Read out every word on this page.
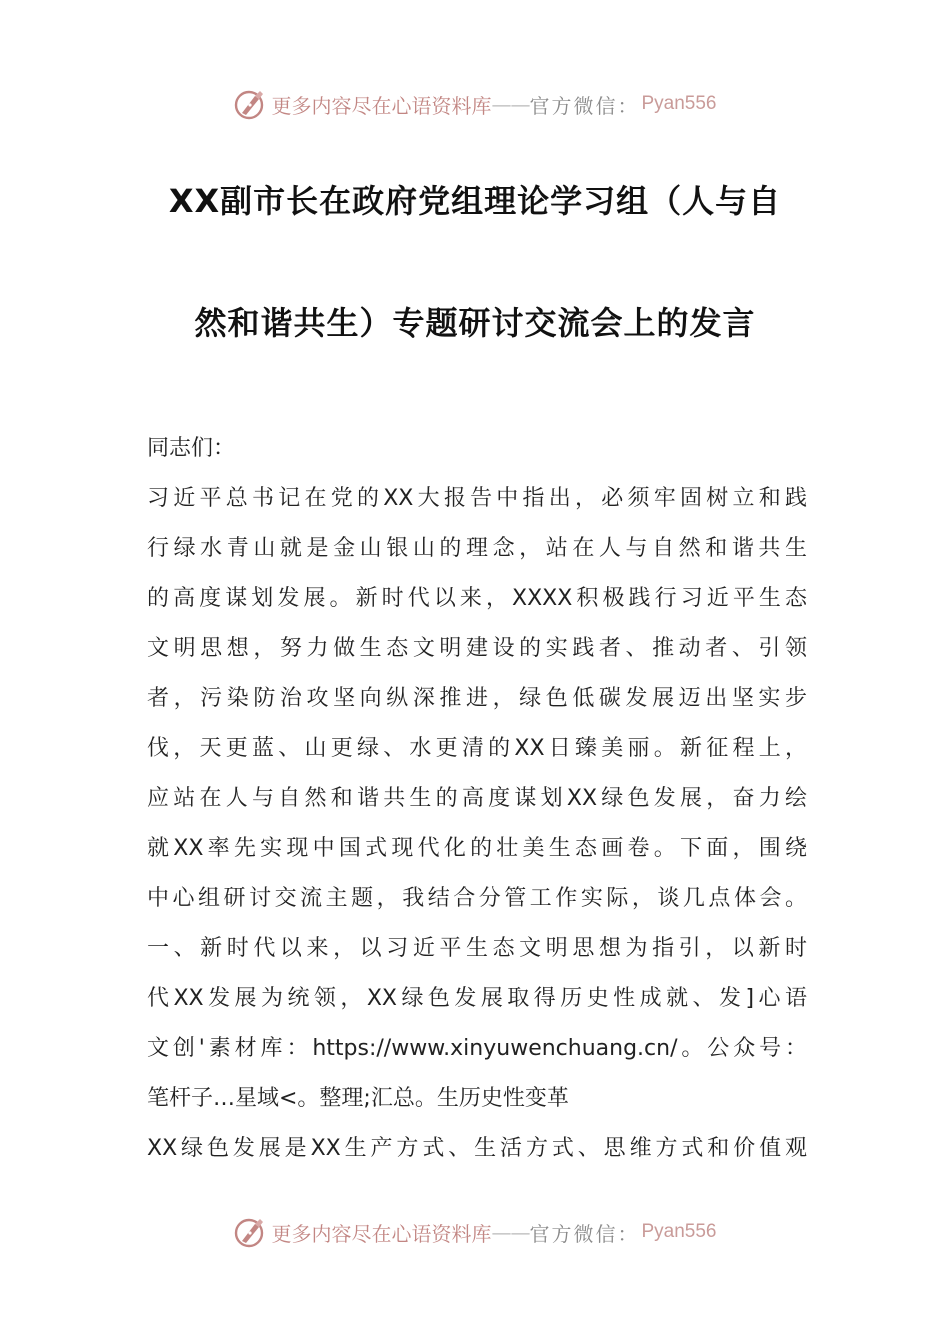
更多内容尽在心语资料库 —— 官方微信： Pyan556
XX副市长在政府党组理论学习组（人与自
然和谐共生）专题研讨交流会上的发言
同志们：
习近平总书记在党的XX大报告中指出，必须牢固树立和践
行绿水青山就是金山银山的理念，站在人与自然和谐共生
的高度谋划发展。新时代以来，XXXX积极践行习近平生态
文明思想，努力做生态文明建设的实践者、推动者、引领
者，污染防治攻坚向纵深推进，绿色低碳发展迈出坚实步
伐，天更蓝、山更绿、水更清的XX日臻美丽。新征程上，
应站在人与自然和谐共生的高度谋划XX绿色发展，奋力绘
就XX率先实现中国式现代化的壮美生态画卷。下面，围绕
中心组研讨交流主题，我结合分管工作实际，谈几点体会。
一、新时代以来，以习近平生态文明思想为指引，以新时
代XX发展为统领，XX绿色发展取得历史性成就、发]心语
文创'素材库：https://www.xinyuwenchuang.cn/。公众号：
笔杆子…星域<。整理;汇总。生历史性变革
XX绿色发展是XX生产方式、生活方式、思维方式和价值观
更多内容尽在心语资料库 —— 官方微信： Pyan556
